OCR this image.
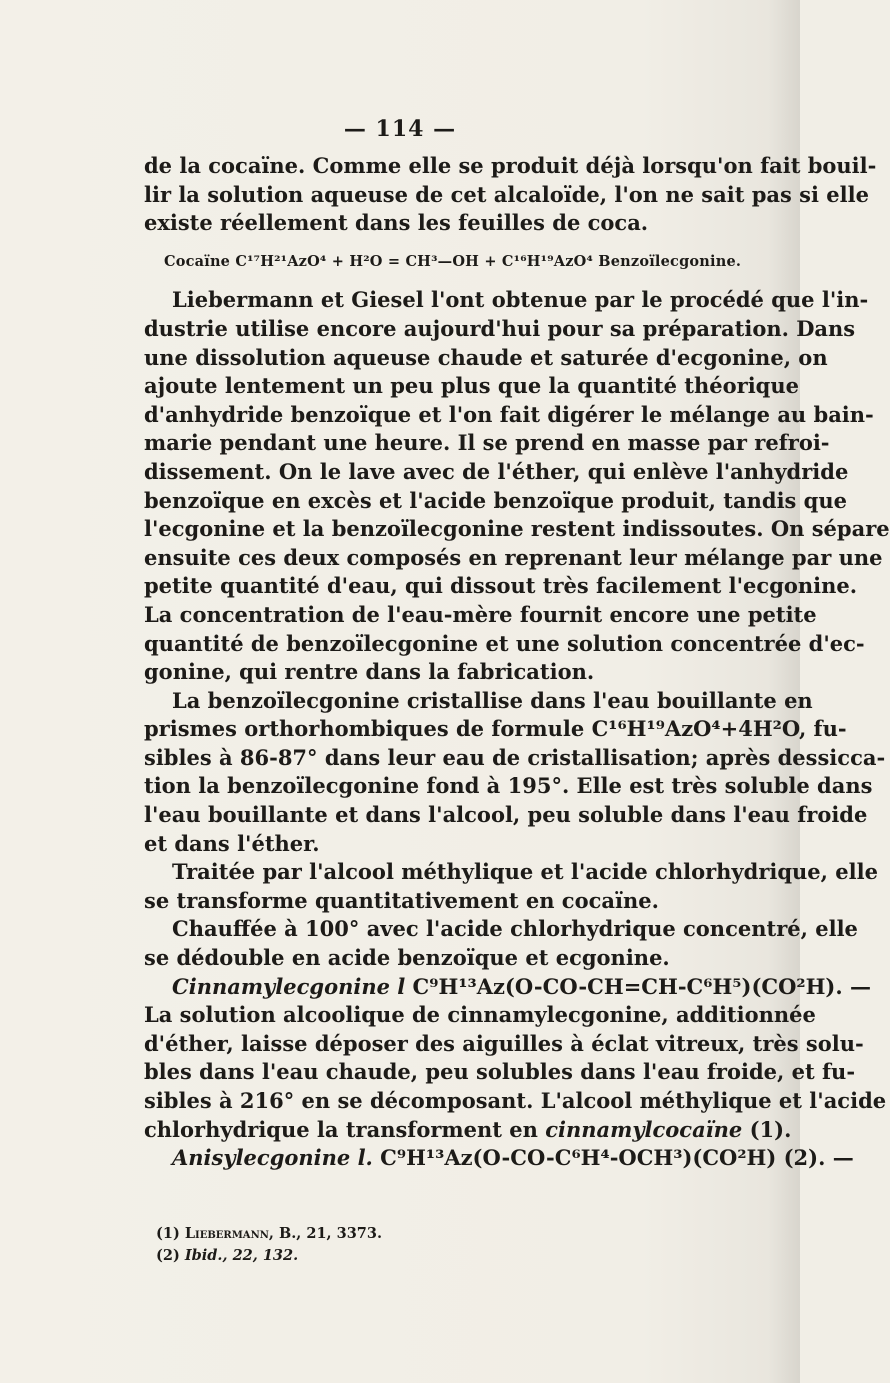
— 114 —
de la cocaïne. Comme elle se produit déjà lorsqu'on fait bouil-
lir la solution aqueuse de cet alcaloïde, l'on ne sait pas si elle
existe réellement dans les feuilles de coca.
Cocaïne C¹⁷H²¹AzO⁴ + H²O = CH³—OH + C¹⁶H¹⁹AzO⁴ Benzoïlecgonine.
Liebermann et Giesel l'ont obtenue par le procédé que l'in-
dustrie utilise encore aujourd'hui pour sa préparation. Dans
une dissolution aqueuse chaude et saturée d'ecgonine, on
ajoute lentement un peu plus que la quantité théorique
d'anhydride benzoïque et l'on fait digérer le mélange au bain-
marie pendant une heure. Il se prend en masse par refroi-
dissement. On le lave avec de l'éther, qui enlève l'anhydride
benzoïque en excès et l'acide benzoïque produit, tandis que
l'ecgonine et la benzoïlecgonine restent indissoutes. On sépare
ensuite ces deux composés en reprenant leur mélange par une
petite quantité d'eau, qui dissout très facilement l'ecgonine.
La concentration de l'eau-mère fournit encore une petite
quantité de benzoïlecgonine et une solution concentrée d'ec-
gonine, qui rentre dans la fabrication.
La benzoïlecgonine cristallise dans l'eau bouillante en
prismes orthorhombiques de formule C¹⁶H¹⁹AzO⁴+4H²O, fu-
sibles à 86-87° dans leur eau de cristallisation; après dessicca-
tion la benzoïlecgonine fond à 195°. Elle est très soluble dans
l'eau bouillante et dans l'alcool, peu soluble dans l'eau froide
et dans l'éther.
Traitée par l'alcool méthylique et l'acide chlorhydrique, elle
se transforme quantitativement en cocaïne.
Chauffée à 100° avec l'acide chlorhydrique concentré, elle
se dédouble en acide benzoïque et ecgonine.
Cinnamylecgonine l C⁹H¹³Az(O-CO-CH=CH-C⁶H⁵)(CO²H). —
La solution alcoolique de cinnamylecgonine, additionnée
d'éther, laisse déposer des aiguilles à éclat vitreux, très solu-
bles dans l'eau chaude, peu solubles dans l'eau froide, et fu-
sibles à 216° en se décomposant. L'alcool méthylique et l'acide
chlorhydrique la transforment en cinnamylcocaïne (1).
Anisylecgonine l. C⁹H¹³Az(O-CO-C⁶H⁴-OCH³)(CO²H) (2). —
(1) Liebermann, B., 21, 3373.
(2) Ibid., 22, 132.
